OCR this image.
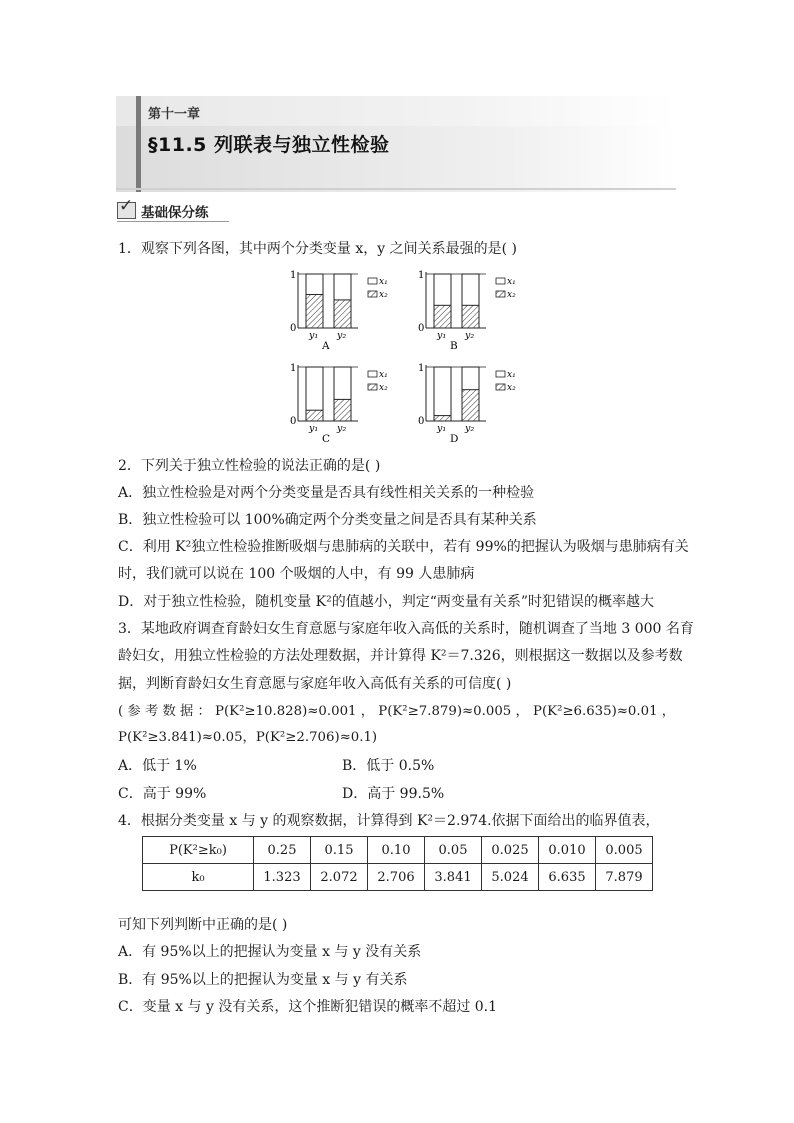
第十一章
§11.5 列联表与独立性检验
✓ 基础保分练
1．观察下列各图，其中两个分类变量 x，y 之间关系最强的是( )
1
0
y₁ y₂
A
x₁
x₂
1
0
y₁ y₂
B
x₁
x₂
1
0
y₁ y₂
C
x₁
x₂
1
0
y₁ y₂
D
x₁
x₂
2．下列关于独立性检验的说法正确的是( )
A．独立性检验是对两个分类变量是否具有线性相关关系的一种检验
B．独立性检验可以 100%确定两个分类变量之间是否具有某种关系
C．利用 K²独立性检验推断吸烟与患肺病的关联中，若有 99%的把握认为吸烟与患肺病有关
时，我们就可以说在 100 个吸烟的人中，有 99 人患肺病
D．对于独立性检验，随机变量 K²的值越小，判定“两变量有关系”时犯错误的概率越大
3．某地政府调查育龄妇女生育意愿与家庭年收入高低的关系时，随机调查了当地 3 000 名育
龄妇女，用独立性检验的方法处理数据，并计算得 K²＝7.326，则根据这一数据以及参考数
据，判断育龄妇女生育意愿与家庭年收入高低有关系的可信度( )
( 参 考 数 据 ： P(K²≥10.828)≈0.001 ， P(K²≥7.879)≈0.005 ， P(K²≥6.635)≈0.01 ，
P(K²≥3.841)≈0.05，P(K²≥2.706)≈0.1)
A．低于 1%	B．低于 0.5%
C．高于 99%	D．高于 99.5%
4．根据分类变量 x 与 y 的观察数据，计算得到 K²＝2.974.依据下面给出的临界值表，
P(K²≥k₀)	0.25	0.15	0.10	0.05	0.025	0.010	0.005
k₀	1.323	2.072	2.706	3.841	5.024	6.635	7.879
可知下列判断中正确的是( )
A．有 95%以上的把握认为变量 x 与 y 没有关系
B．有 95%以上的把握认为变量 x 与 y 有关系
C．变量 x 与 y 没有关系，这个推断犯错误的概率不超过 0.1
